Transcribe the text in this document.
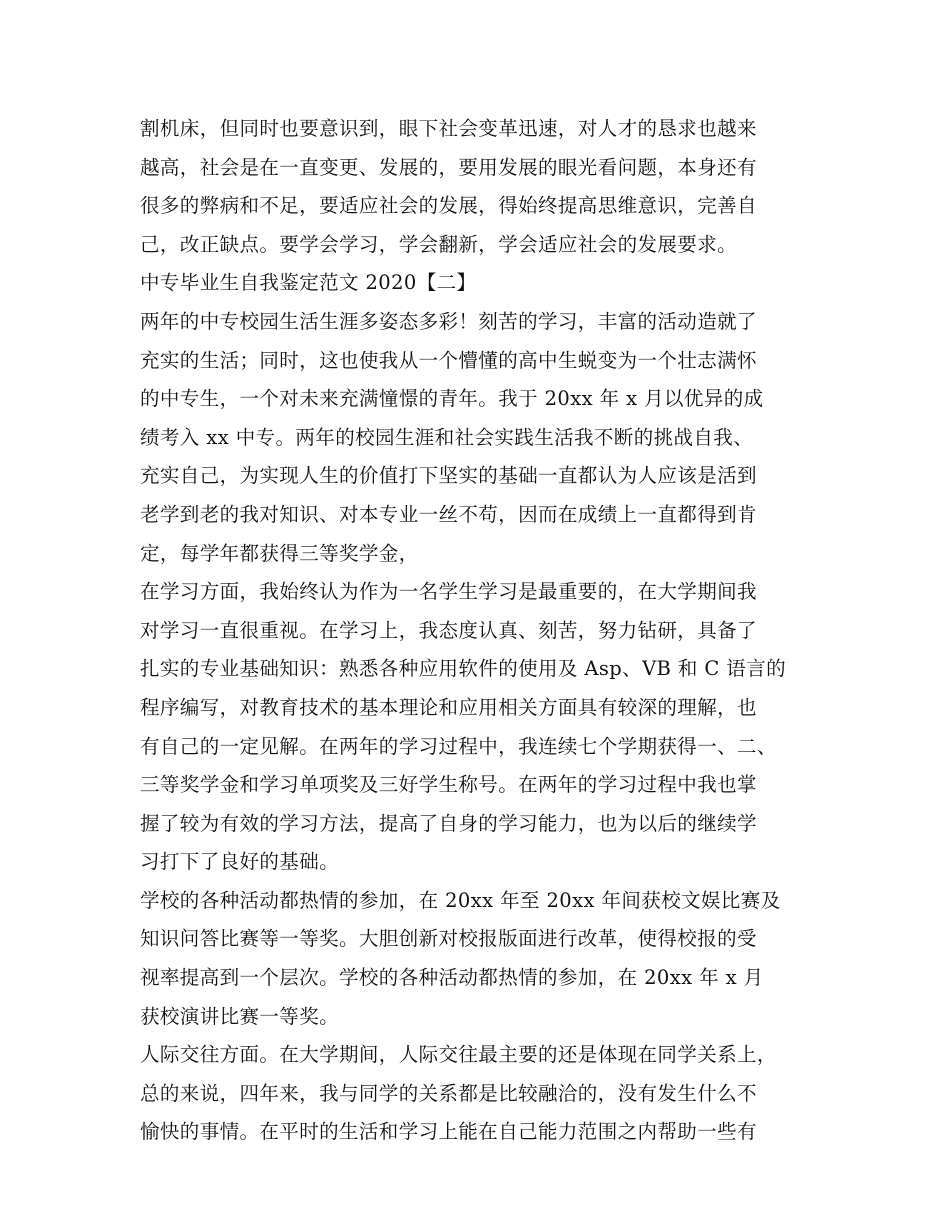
割机床，但同时也要意识到，眼下社会变革迅速，对人才的恳求也越来
越高，社会是在一直变更、发展的，要用发展的眼光看问题，本身还有
很多的弊病和不足，要适应社会的发展，得始终提高思维意识，完善自
己，改正缺点。要学会学习，学会翻新，学会适应社会的发展要求。
中专毕业生自我鉴定范文 2020【二】
两年的中专校园生活生涯多姿态多彩！刻苦的学习，丰富的活动造就了
充实的生活；同时，这也使我从一个懵懂的高中生蜕变为一个壮志满怀
的中专生，一个对未来充满憧憬的青年。我于 20xx 年 x 月以优异的成
绩考入 xx 中专。两年的校园生涯和社会实践生活我不断的挑战自我、
充实自己，为实现人生的价值打下坚实的基础一直都认为人应该是活到
老学到老的我对知识、对本专业一丝不苟，因而在成绩上一直都得到肯
定，每学年都获得三等奖学金，
在学习方面，我始终认为作为一名学生学习是最重要的，在大学期间我
对学习一直很重视。在学习上，我态度认真、刻苦，努力钻研，具备了
扎实的专业基础知识：熟悉各种应用软件的使用及 Asp、VB 和 C 语言的
程序编写，对教育技术的基本理论和应用相关方面具有较深的理解，也
有自己的一定见解。在两年的学习过程中，我连续七个学期获得一、二、
三等奖学金和学习单项奖及三好学生称号。在两年的学习过程中我也掌
握了较为有效的学习方法，提高了自身的学习能力，也为以后的继续学
习打下了良好的基础。
学校的各种活动都热情的参加，在 20xx 年至 20xx 年间获校文娱比赛及
知识问答比赛等一等奖。大胆创新对校报版面进行改革，使得校报的受
视率提高到一个层次。学校的各种活动都热情的参加，在 20xx 年 x 月
获校演讲比赛一等奖。
人际交往方面。在大学期间，人际交往最主要的还是体现在同学关系上，
总的来说，四年来，我与同学的关系都是比较融洽的，没有发生什么不
愉快的事情。在平时的生活和学习上能在自己能力范围之内帮助一些有
